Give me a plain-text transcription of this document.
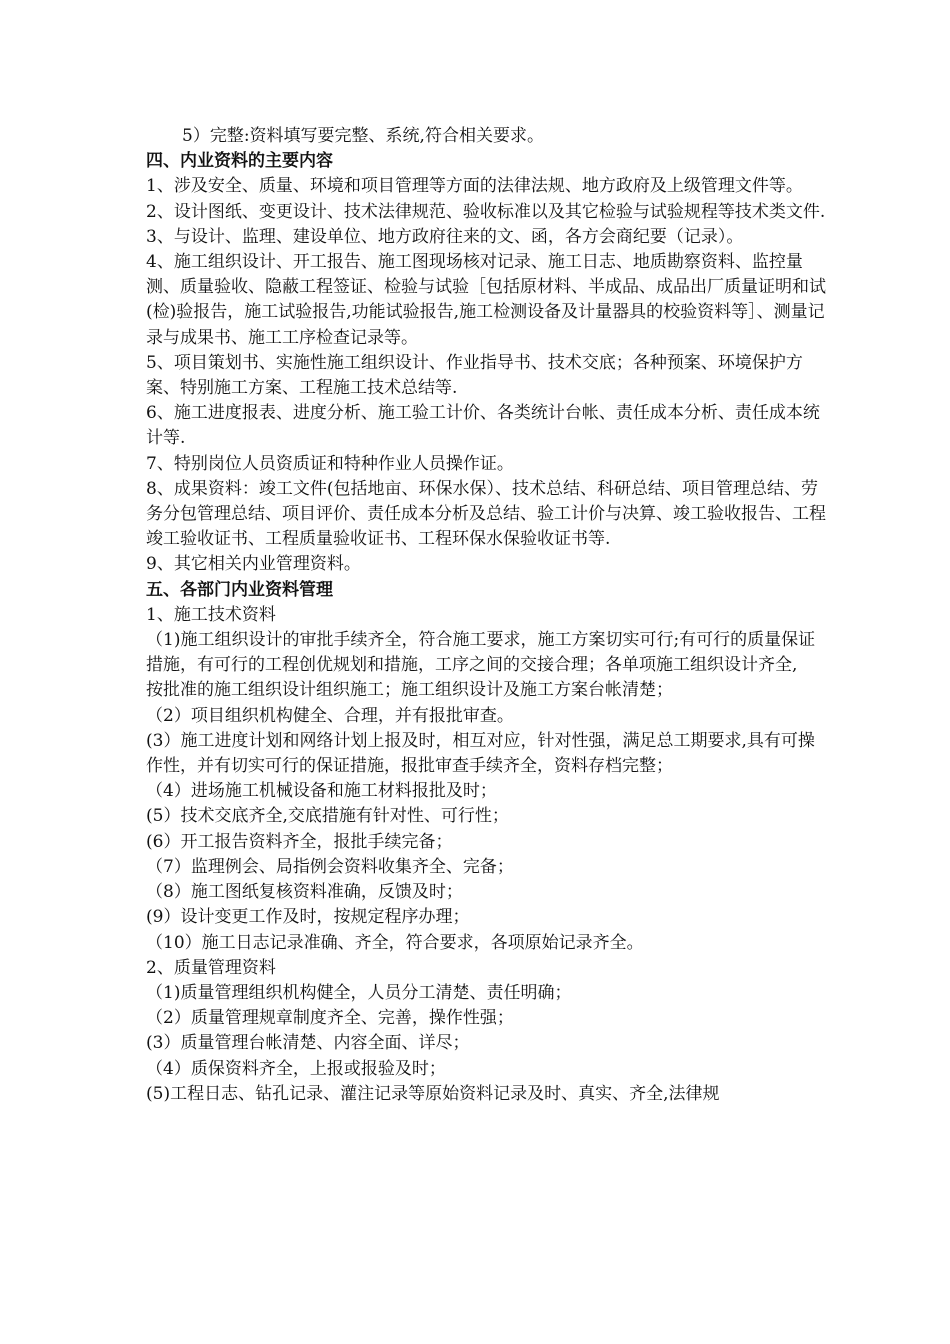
5）完整:资料填写要完整、系统,符合相关要求。

四、内业资料的主要内容

1、涉及安全、质量、环境和项目管理等方面的法律法规、地方政府及上级管理文件等。

2、设计图纸、变更设计、技术法律规范、验收标准以及其它检验与试验规程等技术类文件.

3、与设计、监理、建设单位、地方政府往来的文、函，各方会商纪要（记录）。

4、施工组织设计、开工报告、施工图现场核对记录、施工日志、地质勘察资料、监控量测、质量验收、隐蔽工程签证、检验与试验［包括原材料、半成品、成品出厂质量证明和试(检)验报告，施工试验报告,功能试验报告,施工检测设备及计量器具的校验资料等］、测量记录与成果书、施工工序检查记录等。

5、项目策划书、实施性施工组织设计、作业指导书、技术交底；各种预案、环境保护方案、特别施工方案、工程施工技术总结等.

6、施工进度报表、进度分析、施工验工计价、各类统计台帐、责任成本分析、责任成本统计等.

7、特别岗位人员资质证和特种作业人员操作证。

8、成果资料：竣工文件(包括地亩、环保水保）、技术总结、科研总结、项目管理总结、劳务分包管理总结、项目评价、责任成本分析及总结、验工计价与决算、竣工验收报告、工程竣工验收证书、工程质量验收证书、工程环保水保验收证书等.

9、其它相关内业管理资料。

五、各部门内业资料管理

1、施工技术资料

（1)施工组织设计的审批手续齐全，符合施工要求，施工方案切实可行;有可行的质量保证措施，有可行的工程创优规划和措施，工序之间的交接合理；各单项施工组织设计齐全,

按批准的施工组织设计组织施工；施工组织设计及施工方案台帐清楚；

（2）项目组织机构健全、合理，并有报批审查。

(3）施工进度计划和网络计划上报及时，相互对应，针对性强，满足总工期要求,具有可操作性，并有切实可行的保证措施，报批审查手续齐全，资料存档完整；

（4）进场施工机械设备和施工材料报批及时；

(5）技术交底齐全,交底措施有针对性、可行性；

(6）开工报告资料齐全，报批手续完备；

（7）监理例会、局指例会资料收集齐全、完备；

（8）施工图纸复核资料准确，反馈及时；

(9）设计变更工作及时，按规定程序办理；

（10）施工日志记录准确、齐全，符合要求，各项原始记录齐全。

2、质量管理资料

（1)质量管理组织机构健全，人员分工清楚、责任明确；

（2）质量管理规章制度齐全、完善，操作性强；

(3）质量管理台帐清楚、内容全面、详尽；

（4）质保资料齐全，上报或报验及时；

(5)工程日志、钻孔记录、灌注记录等原始资料记录及时、真实、齐全,法律规
